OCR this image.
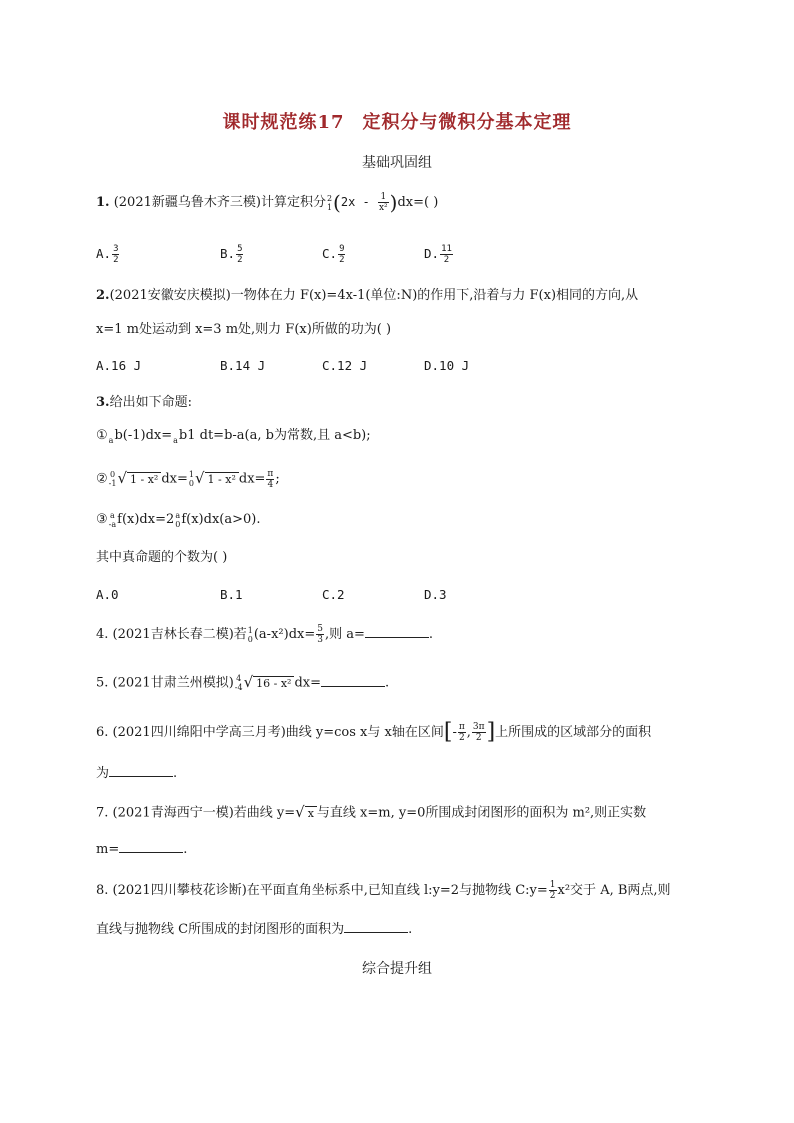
课时规范练17 定积分与微积分基本定理
基础巩固组
1. (2021新疆乌鲁木齐三模)计算定积分 2
1 $(2x - \frac{1}{\text{x²}} )dx=$( )
A. $\frac{3}{2}$	B. $\frac{5}{2}$	C. $\frac{9}{2}$	D. $\frac{11}{2}$
2.(2021安徽安庆模拟)一物体在力 F(x)=4x-1(单位:N)的作用下,沿着与力 F(x)相同的方向,从
x=1 m处运动到 x=3 m处,则力 F(x)所做的功为( )
A.16 J	B.14 J	C.12 J	D.10 J
3.给出如下命题:
①
a b(-1)dx=
a b1 dt=b-a(a, b为常数,且 a<b);
② 0
-1 √ 1 - x² dx= 1
0 √ 1 - x² $dx= \frac{\pi}{4}$ ;
③ a
-a f(x)dx=2 a
0 f(x)dx(a>0).
其中真命题的个数为( )
A.0	B.1	C.2	D.3
4. (2021吉林长春二模)若 1
0 $(a-x^2)dx= \frac{5}{3}$ ,则 a=	.
5. (2021甘肃兰州模拟) 4
-4 √ 16 - x² dx=	.
6. (2021四川绵阳中学高三月考)曲线 y=cos x与 x轴在区间[- $\frac{\pi}{2}$ , $\frac{3\pi}{2}$ ]上所围成的区域部分的面积
为	.
7. (2021青海西宁一模)若曲线 y=√ x 与直线 x=m, y=0所围成封闭图形的面积为 m²,则正实数
m=	.
8. (2021四川攀枝花诊断)在平面直角坐标系中,已知直线 l:y=2与抛物线 C:y= $\frac{1}{2} x^2$交于 A, B两点,则
直线与抛物线 C所围成的封闭图形的面积为	.
综合提升组
